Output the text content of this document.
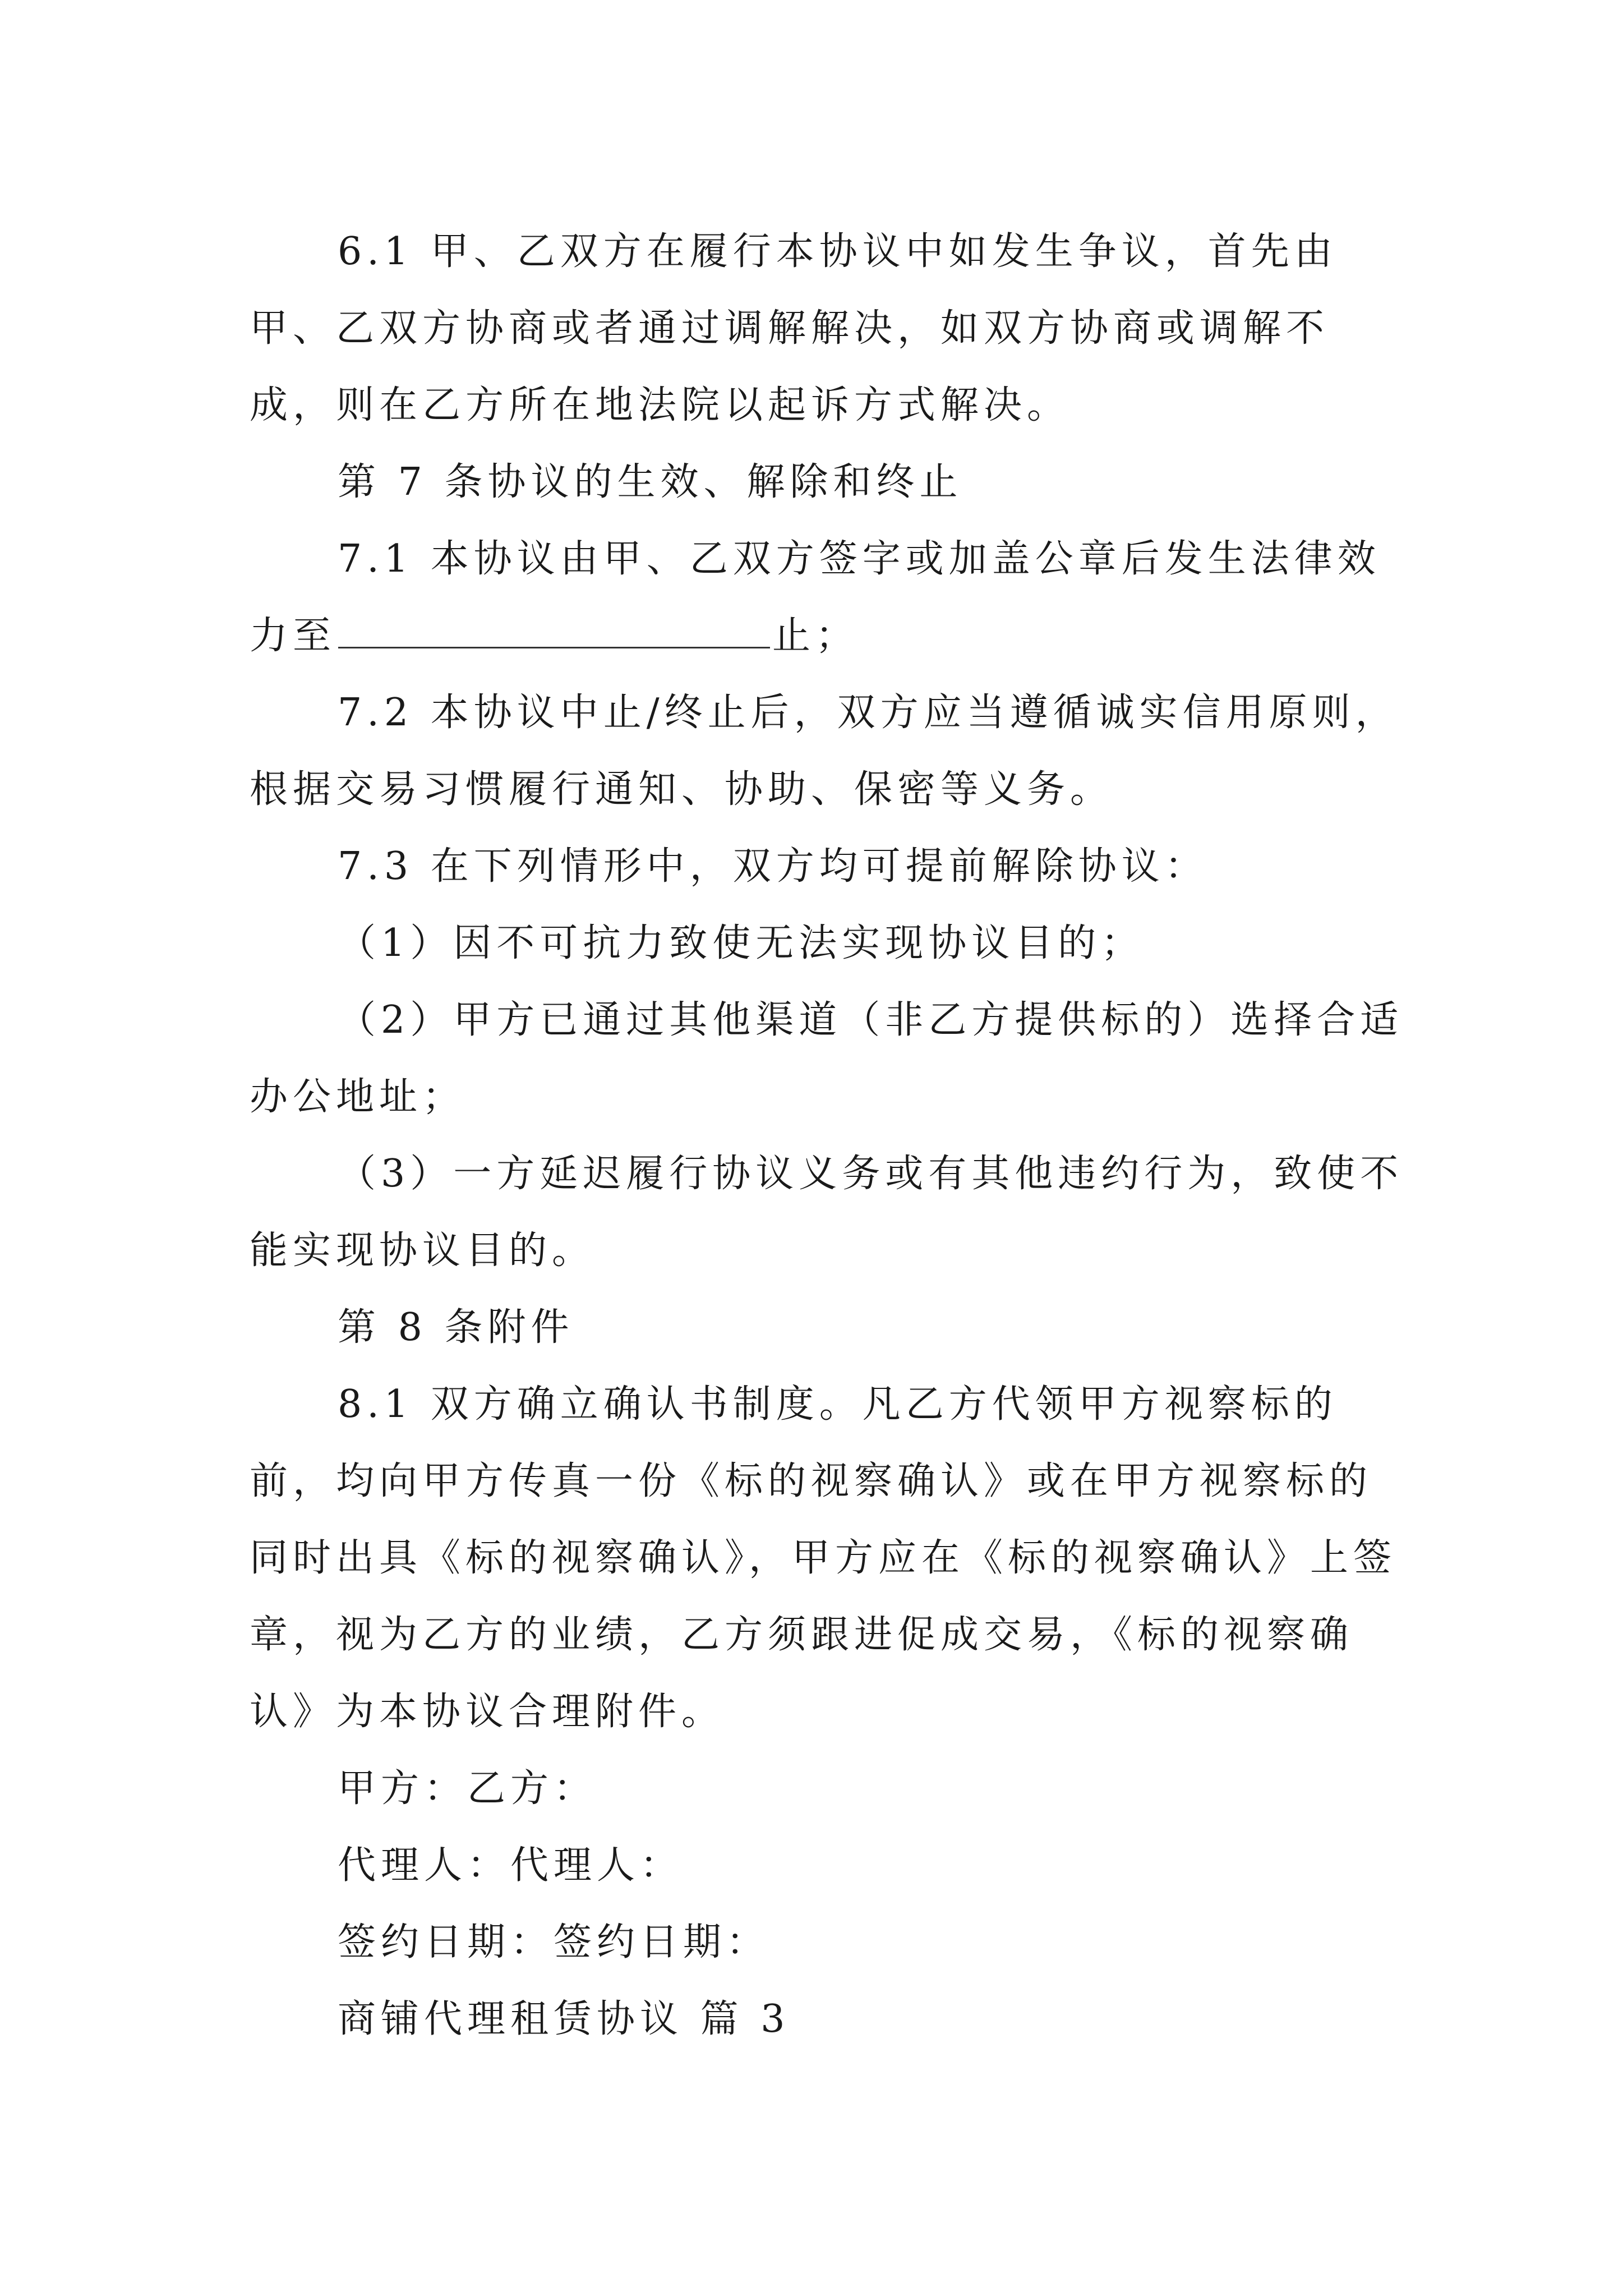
6.1 甲、乙双方在履行本协议中如发生争议，首先由甲、乙双方协商或者通过调解解决，如双方协商或调解不成，则在乙方所在地法院以起诉方式解决。

第 7 条协议的生效、解除和终止

7.1 本协议由甲、乙双方签字或加盖公章后发生法律效力至	止；

7.2 本协议中止/终止后，双方应当遵循诚实信用原则，根据交易习惯履行通知、协助、保密等义务。

7.3 在下列情形中，双方均可提前解除协议：

（1）因不可抗力致使无法实现协议目的；

（2）甲方已通过其他渠道（非乙方提供标的）选择合适办公地址；

（3）一方延迟履行协议义务或有其他违约行为，致使不能实现协议目的。

第 8 条附件

8.1 双方确立确认书制度。凡乙方代领甲方视察标的前，均向甲方传真一份《标的视察确认》或在甲方视察标的同时出具《标的视察确认》，甲方应在《标的视察确认》上签章，视为乙方的业绩，乙方须跟进促成交易，《标的视察确认》为本协议合理附件。

甲方：乙方：

代理人：代理人：

签约日期：签约日期：

商铺代理租赁协议 篇 3
